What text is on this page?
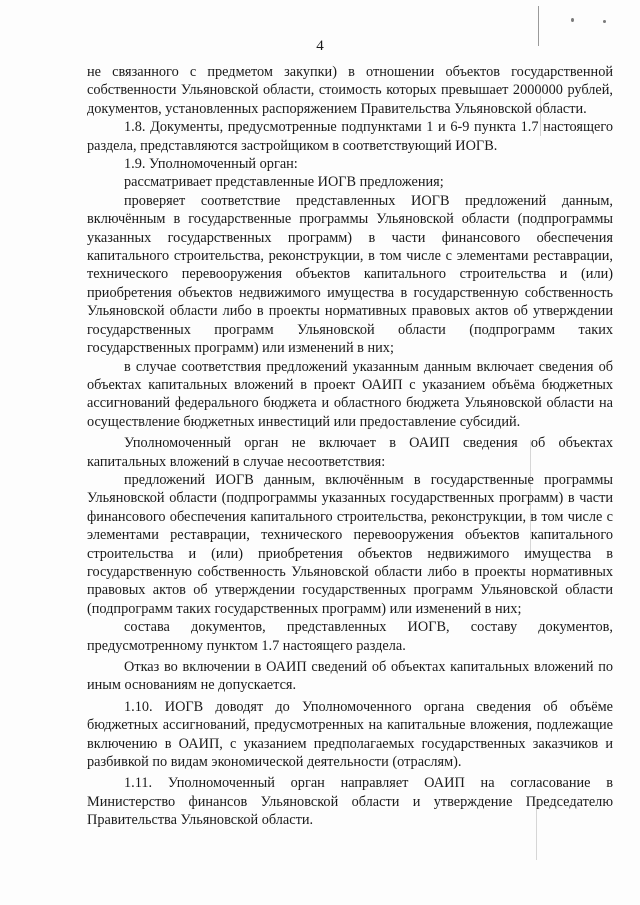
4

не связанного с предметом закупки) в отношении объектов государственной собственности Ульяновской области, стоимость которых превышает 2000000 рублей, документов, установленных распоряжением Правительства Ульяновской области.

1.8. Документы, предусмотренные подпунктами 1 и 6-9 пункта 1.7 настоящего раздела, представляются застройщиком в соответствующий ИОГВ.

1.9. Уполномоченный орган:

рассматривает представленные ИОГВ предложения;

проверяет соответствие представленных ИОГВ предложений данным, включённым в государственные программы Ульяновской области (подпрограммы указанных государственных программ) в части финансового обеспечения капитального строительства, реконструкции, в том числе с элементами реставрации, технического перевооружения объектов капитального строительства и (или) приобретения объектов недвижимого имущества в государственную собственность Ульяновской области либо в проекты нормативных правовых актов об утверждении государственных программ Ульяновской области (подпрограмм таких государственных программ) или изменений в них;

в случае соответствия предложений указанным данным включает сведения об объектах капитальных вложений в проект ОАИП с указанием объёма бюджетных ассигнований федерального бюджета и областного бюджета Ульяновской области на осуществление бюджетных инвестиций или предоставление субсидий.

Уполномоченный орган не включает в ОАИП сведения об объектах капитальных вложений в случае несоответствия:

предложений ИОГВ данным, включённым в государственные программы Ульяновской области (подпрограммы указанных государственных программ) в части финансового обеспечения капитального строительства, реконструкции, в том числе с элементами реставрации, технического перевооружения объектов капитального строительства и (или) приобретения объектов недвижимого имущества в государственную собственность Ульяновской области либо в проекты нормативных правовых актов об утверждении государственных программ Ульяновской области (подпрограмм таких государственных программ) или изменений в них;

состава документов, представленных ИОГВ, составу документов, предусмотренному пунктом 1.7 настоящего раздела.

Отказ во включении в ОАИП сведений об объектах капитальных вложений по иным основаниям не допускается.

1.10. ИОГВ доводят до Уполномоченного органа сведения об объёме бюджетных ассигнований, предусмотренных на капитальные вложения, подлежащие включению в ОАИП, с указанием предполагаемых государственных заказчиков и разбивкой по видам экономической деятельности (отраслям).

1.11. Уполномоченный орган направляет ОАИП на согласование в Министерство финансов Ульяновской области и утверждение Председателю Правительства Ульяновской области.
